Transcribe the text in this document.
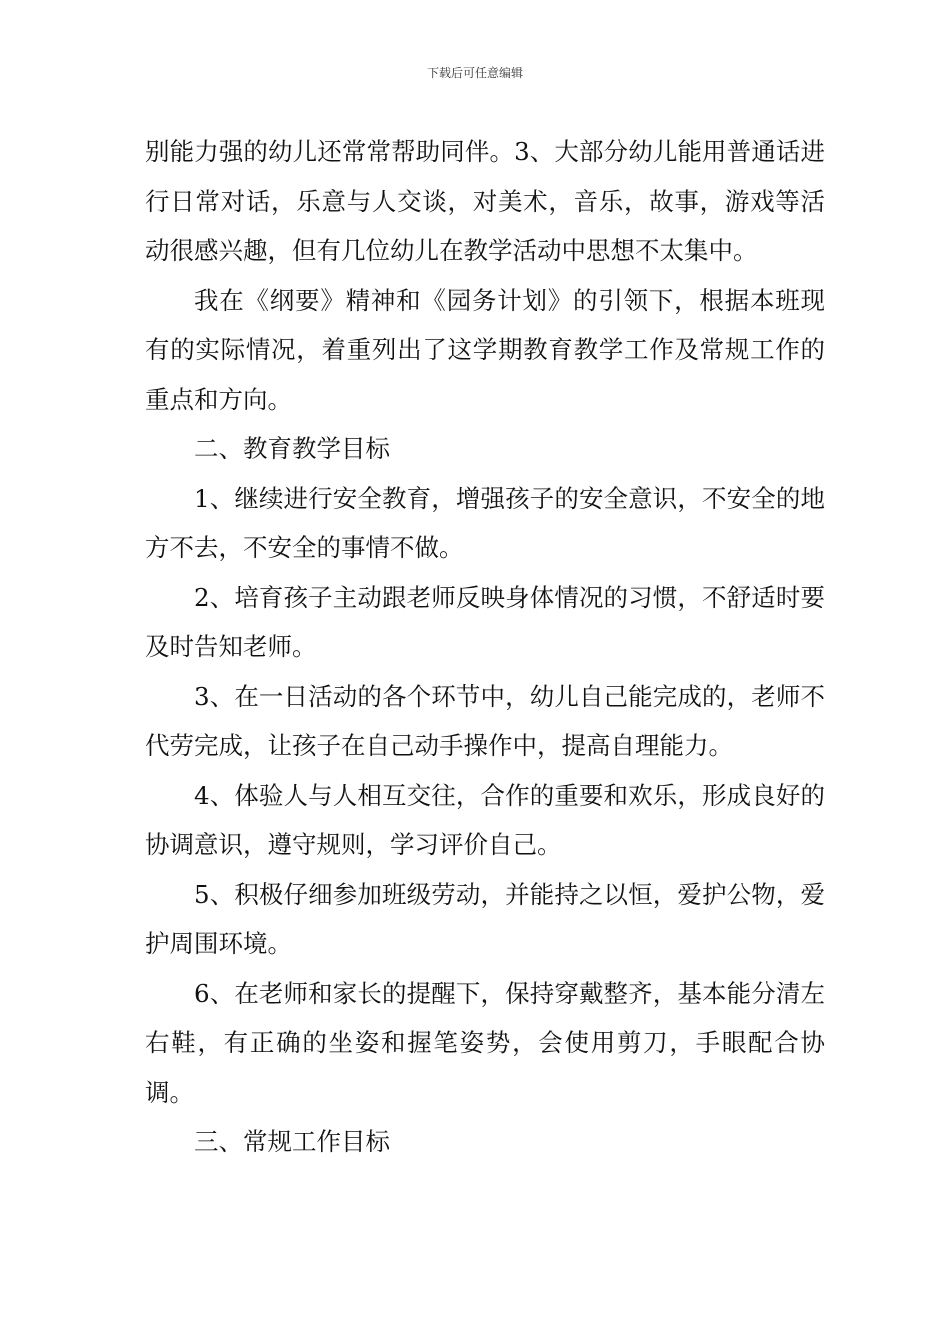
下载后可任意编辑

别能力强的幼儿还常常帮助同伴。3、大部分幼儿能用普通话进行日常对话，乐意与人交谈，对美术，音乐，故事，游戏等活动很感兴趣，但有几位幼儿在教学活动中思想不太集中。

我在《纲要》精神和《园务计划》的引领下，根据本班现有的实际情况，着重列出了这学期教育教学工作及常规工作的重点和方向。

二、教育教学目标

1、继续进行安全教育，增强孩子的安全意识，不安全的地方不去，不安全的事情不做。

2、培育孩子主动跟老师反映身体情况的习惯，不舒适时要及时告知老师。

3、在一日活动的各个环节中，幼儿自己能完成的，老师不代劳完成，让孩子在自己动手操作中，提高自理能力。

4、体验人与人相互交往，合作的重要和欢乐，形成良好的协调意识，遵守规则，学习评价自己。

5、积极仔细参加班级劳动，并能持之以恒，爱护公物，爱护周围环境。

6、在老师和家长的提醒下，保持穿戴整齐，基本能分清左右鞋，有正确的坐姿和握笔姿势，会使用剪刀，手眼配合协调。

三、常规工作目标
